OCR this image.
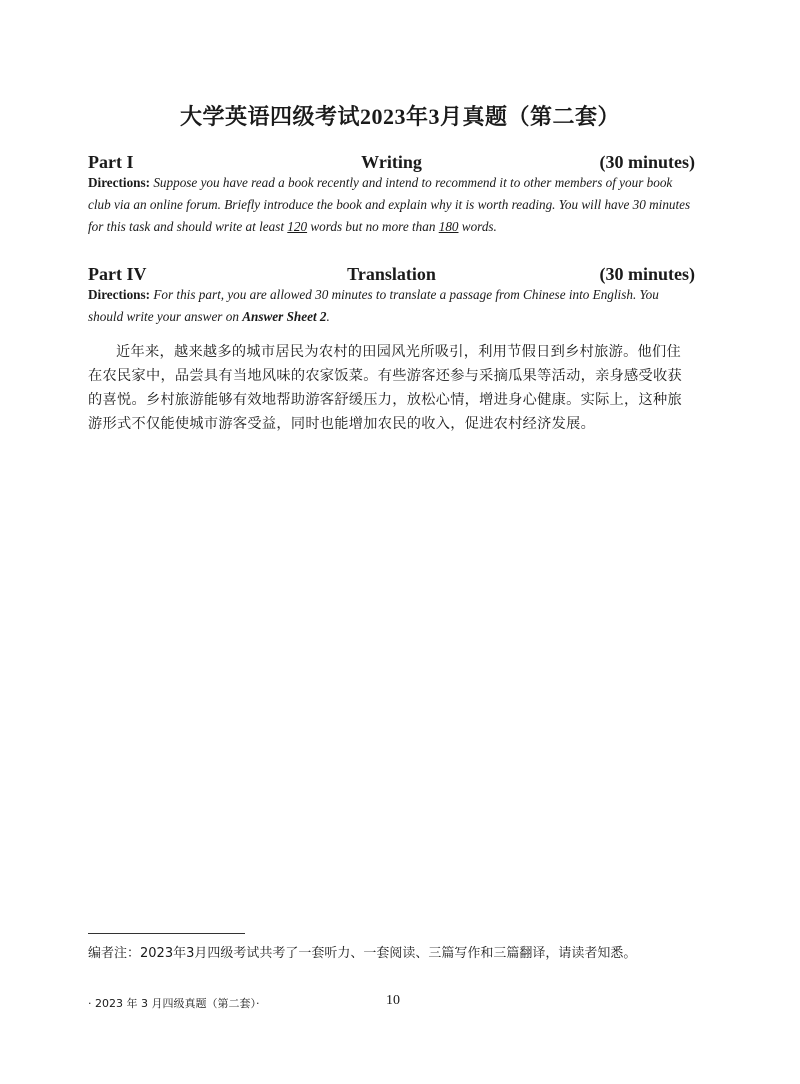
大学英语四级考试2023年3月真题（第二套）
Part I	Writing	(30 minutes)
Directions: Suppose you have read a book recently and intend to recommend it to other members of your book club via an online forum. Briefly introduce the book and explain why it is worth reading. You will have 30 minutes for this task and should write at least 120 words but no more than 180 words.
Part IV	Translation	(30 minutes)
Directions: For this part, you are allowed 30 minutes to translate a passage from Chinese into English. You should write your answer on Answer Sheet 2.
近年来，越来越多的城市居民为农村的田园风光所吸引，利用节假日到乡村旅游。他们住在农民家中，品尝具有当地风味的农家饭菜。有些游客还参与采摘瓜果等活动，亲身感受收获的喜悦。乡村旅游能够有效地帮助游客舒缓压力，放松心情，增进身心健康。实际上，这种旅游形式不仅能使城市游客受益，同时也能增加农民的收入，促进农村经济发展。
编者注：2023年3月四级考试共考了一套听力、一套阅读、三篇写作和三篇翻译，请读者知悉。
· 2023 年 3 月四级真题（第二套）·	10
